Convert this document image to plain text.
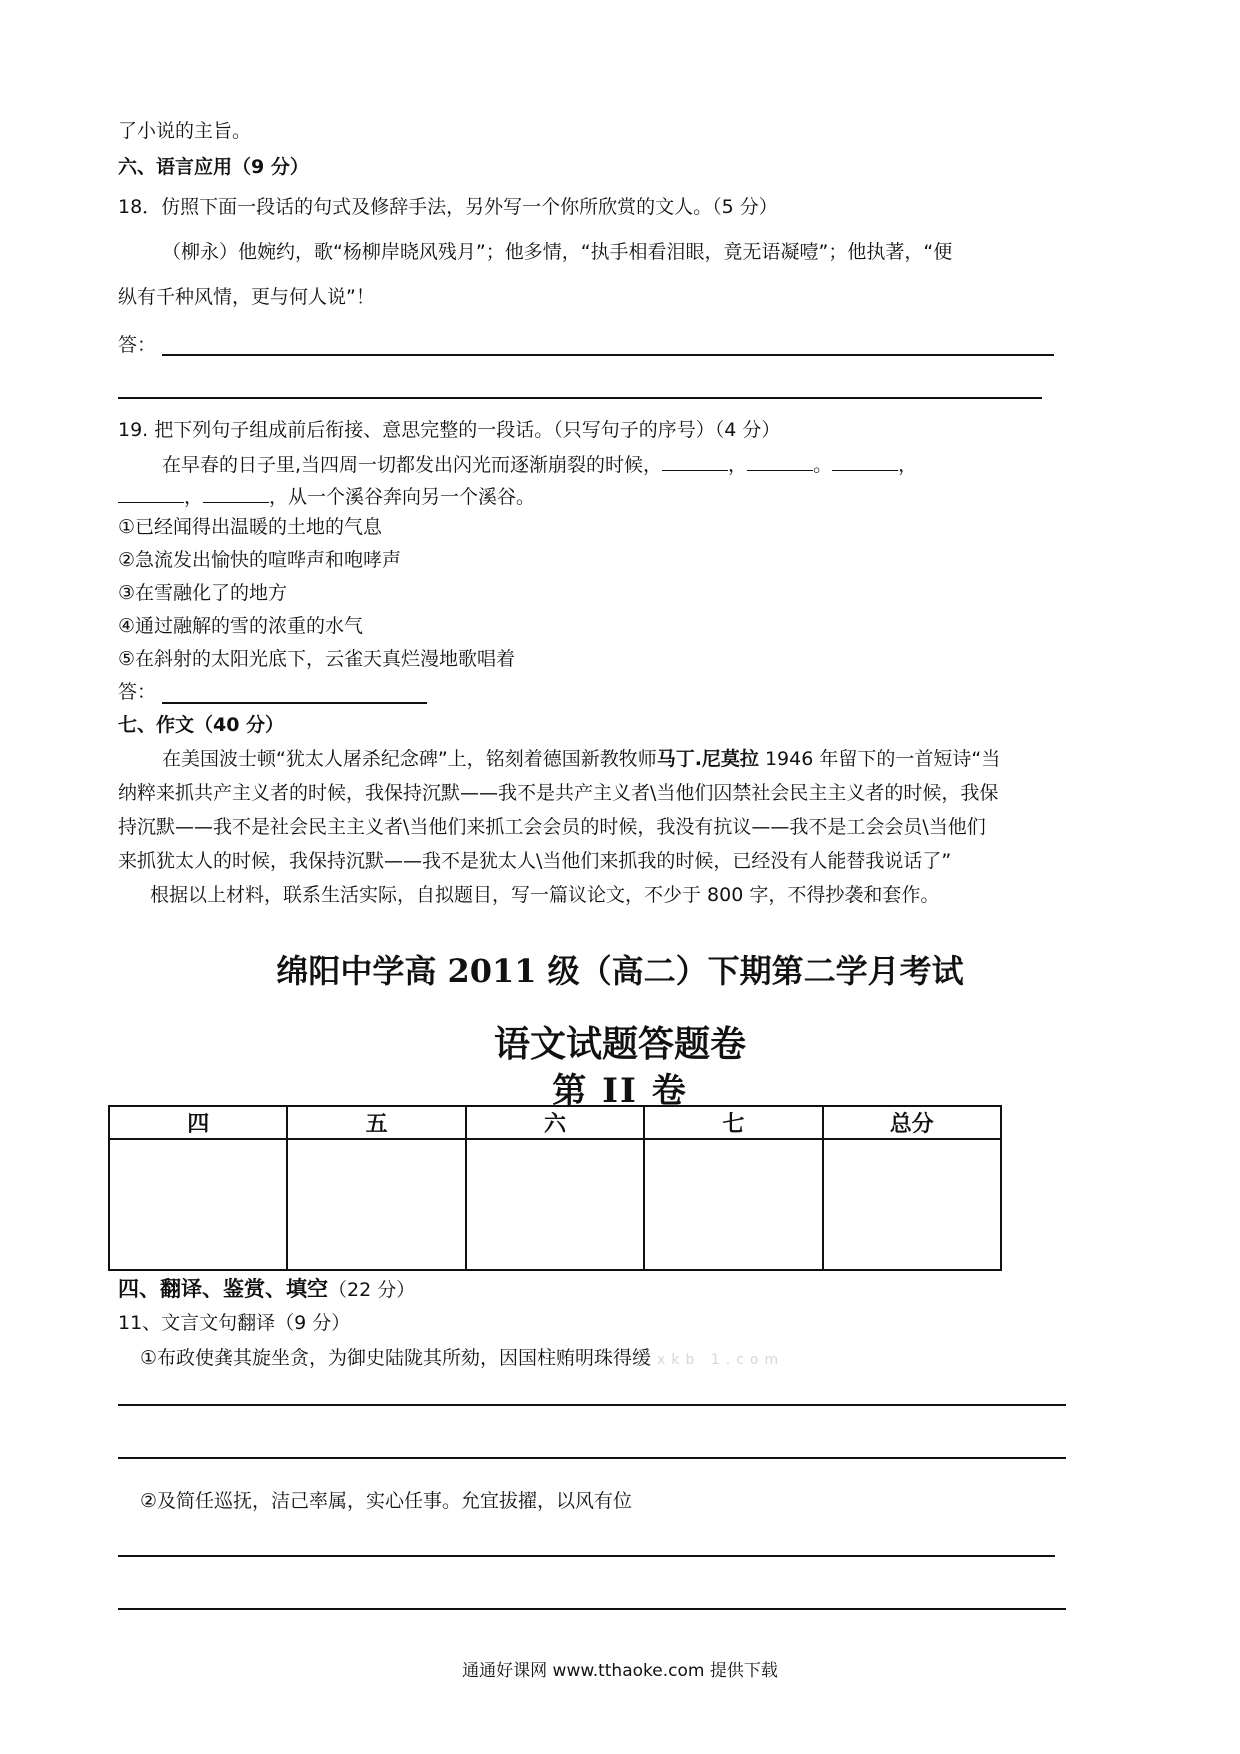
了小说的主旨。
六、语言应用（9 分）
18．仿照下面一段话的句式及修辞手法，另外写一个你所欣赏的文人。（5 分）
（柳永）他婉约，歌“杨柳岸晓风残月”；他多情，“执手相看泪眼，竟无语凝噎”；他执著，“便
纵有千种风情，更与何人说”！
答：
19. 把下列句子组成前后衔接、意思完整的一段话。（只写句子的序号）（4 分）
在早春的日子里,当四周一切都发出闪光而逐渐崩裂的时候，	，	。	，
，	，从一个溪谷奔向另一个溪谷。
①已经闻得出温暖的土地的气息
②急流发出愉快的喧哗声和咆哮声
③在雪融化了的地方
④通过融解的雪的浓重的水气
⑤在斜射的太阳光底下，云雀天真烂漫地歌唱着
答：
七、作文（40 分）
在美国波士顿“犹太人屠杀纪念碑”上，铭刻着德国新教牧师马丁.尼莫拉 1946 年留下的一首短诗“当
纳粹来抓共产主义者的时候，我保持沉默——我不是共产主义者\当他们囚禁社会民主主义者的时候，我保
持沉默——我不是社会民主主义者\当他们来抓工会会员的时候，我没有抗议——我不是工会会员\当他们
来抓犹太人的时候，我保持沉默——我不是犹太人\当他们来抓我的时候，已经没有人能替我说话了”
根据以上材料，联系生活实际，自拟题目，写一篇议论文，不少于 800 字，不得抄袭和套作。
绵阳中学高 2011 级（高二）下期第二学月考试
语文试题答题卷
第 II 卷
四	五	六	七	总分

四、翻译、鉴赏、填空（22 分）
11、文言文句翻译（9 分）
①布政使龚其旋坐贪，为御史陆陇其所劾，因国柱贿明珠得缓 xkb 1.com
②及简任巡抚，洁己率属，实心任事。允宜拔擢，以风有位
通通好课网 www.tthaoke.com 提供下载
